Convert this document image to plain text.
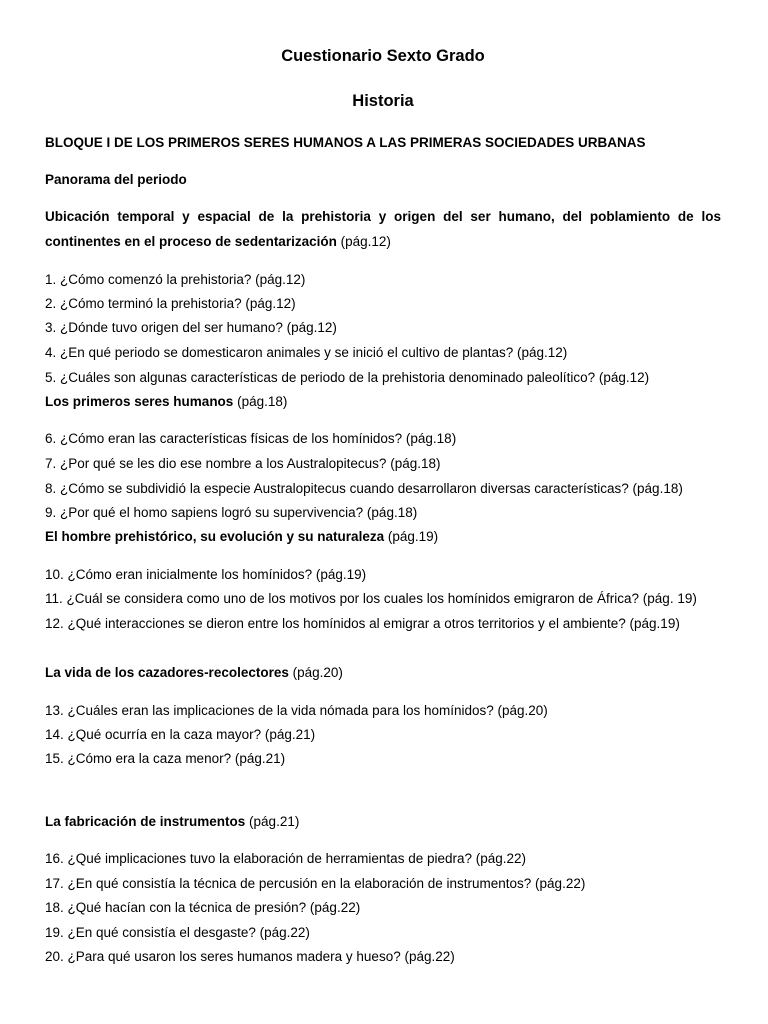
Cuestionario Sexto Grado
Historia
BLOQUE I DE LOS PRIMEROS SERES HUMANOS A LAS PRIMERAS SOCIEDADES URBANAS
Panorama del periodo

Ubicación temporal y espacial de la prehistoria y origen del ser humano, del poblamiento de los continentes en el proceso de sedentarización (pág.12)

1. ¿Cómo comenzó la prehistoria? (pág.12)
2. ¿Cómo terminó la prehistoria? (pág.12)
3. ¿Dónde tuvo origen del ser humano? (pág.12)
4. ¿En qué periodo se domesticaron animales y se inició el cultivo de plantas? (pág.12)
5. ¿Cuáles son algunas características de periodo de la prehistoria denominado paleolítico? (pág.12)
Los primeros seres humanos (pág.18)
6. ¿Cómo eran las características físicas de los homínidos? (pág.18)
7. ¿Por qué se les dio ese nombre a los Australopitecus? (pág.18)
8. ¿Cómo se subdividió la especie Australopitecus cuando desarrollaron diversas características? (pág.18)
9. ¿Por qué el homo sapiens logró su supervivencia? (pág.18)
El hombre prehistórico, su evolución y su naturaleza (pág.19)
10. ¿Cómo eran inicialmente los homínidos? (pág.19)
11. ¿Cuál se considera como uno de los motivos por los cuales los homínidos emigraron de África? (pág. 19)
12. ¿Qué interacciones se dieron entre los homínidos al emigrar a otros territorios y el ambiente? (pág.19)
La vida de los cazadores-recolectores (pág.20)
13. ¿Cuáles eran las implicaciones de la vida nómada para los homínidos? (pág.20)
14. ¿Qué ocurría en la caza mayor? (pág.21)
15. ¿Cómo era la caza menor? (pág.21)
La fabricación de instrumentos (pág.21)
16. ¿Qué implicaciones tuvo la elaboración de herramientas de piedra? (pág.22)
17. ¿En qué consistía la técnica de percusión en la elaboración de instrumentos? (pág.22)
18. ¿Qué hacían con la técnica de presión? (pág.22)
19. ¿En qué consistía el desgaste? (pág.22)
20. ¿Para qué usaron los seres humanos madera y hueso? (pág.22)
